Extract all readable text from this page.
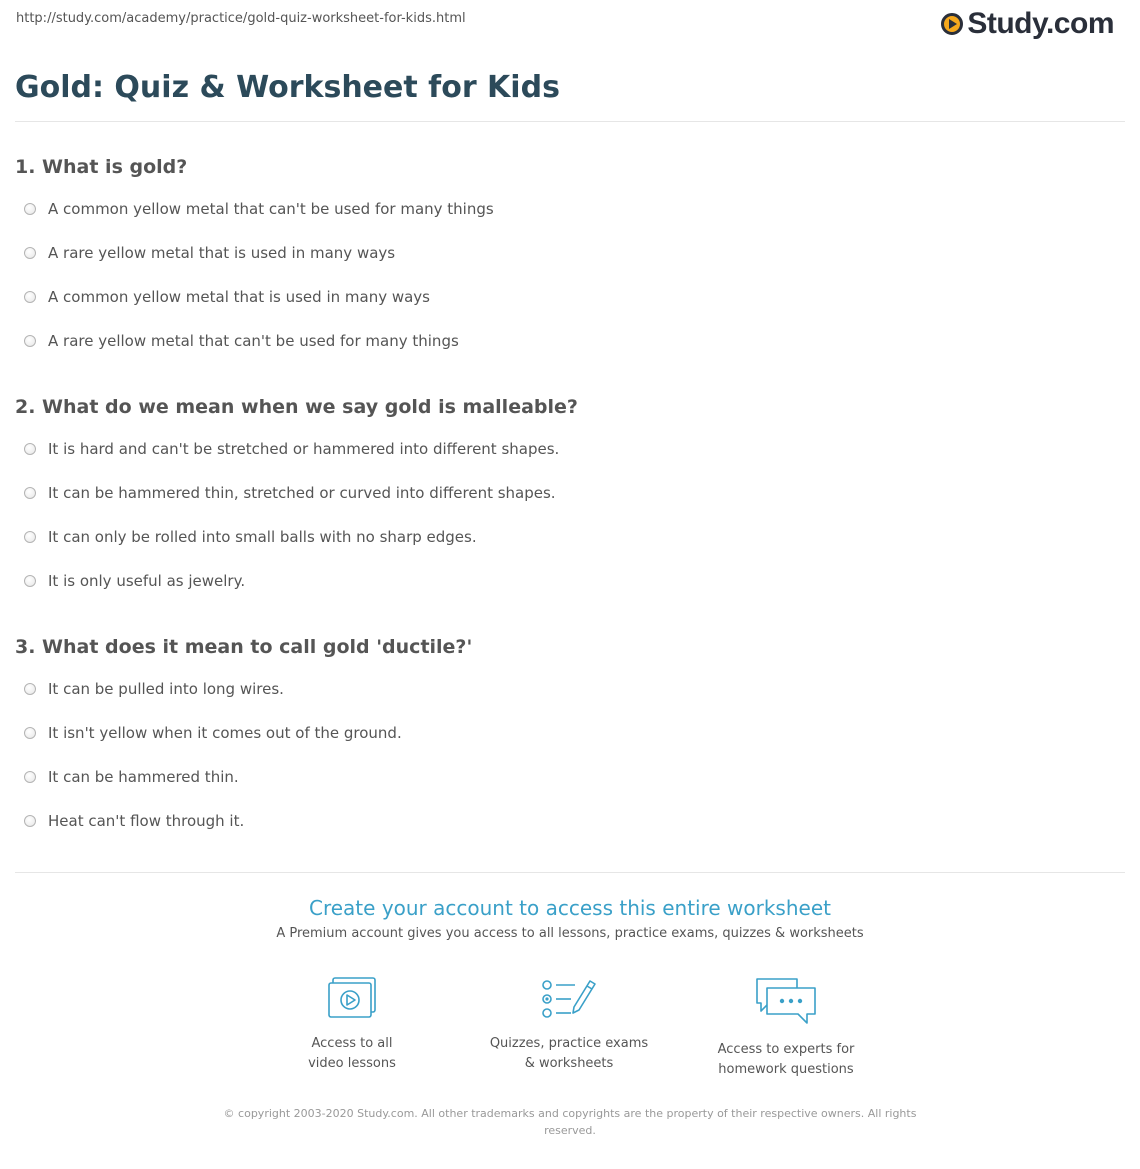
http://study.com/academy/practice/gold-quiz-worksheet-for-kids.html	Study.com
Gold: Quiz & Worksheet for Kids
1. What is gold?
A common yellow metal that can't be used for many things
A rare yellow metal that is used in many ways
A common yellow metal that is used in many ways
A rare yellow metal that can't be used for many things
2. What do we mean when we say gold is malleable?
It is hard and can't be stretched or hammered into different shapes.
It can be hammered thin, stretched or curved into different shapes.
It can only be rolled into small balls with no sharp edges.
It is only useful as jewelry.
3. What does it mean to call gold 'ductile?'
It can be pulled into long wires.
It isn't yellow when it comes out of the ground.
It can be hammered thin.
Heat can't flow through it.
Create your account to access this entire worksheet
A Premium account gives you access to all lessons, practice exams, quizzes & worksheets
Access to all
video lessons
Quizzes, practice exams
& worksheets
Access to experts for
homework questions
© copyright 2003-2020 Study.com. All other trademarks and copyrights are the property of their respective owners. All rights reserved.
